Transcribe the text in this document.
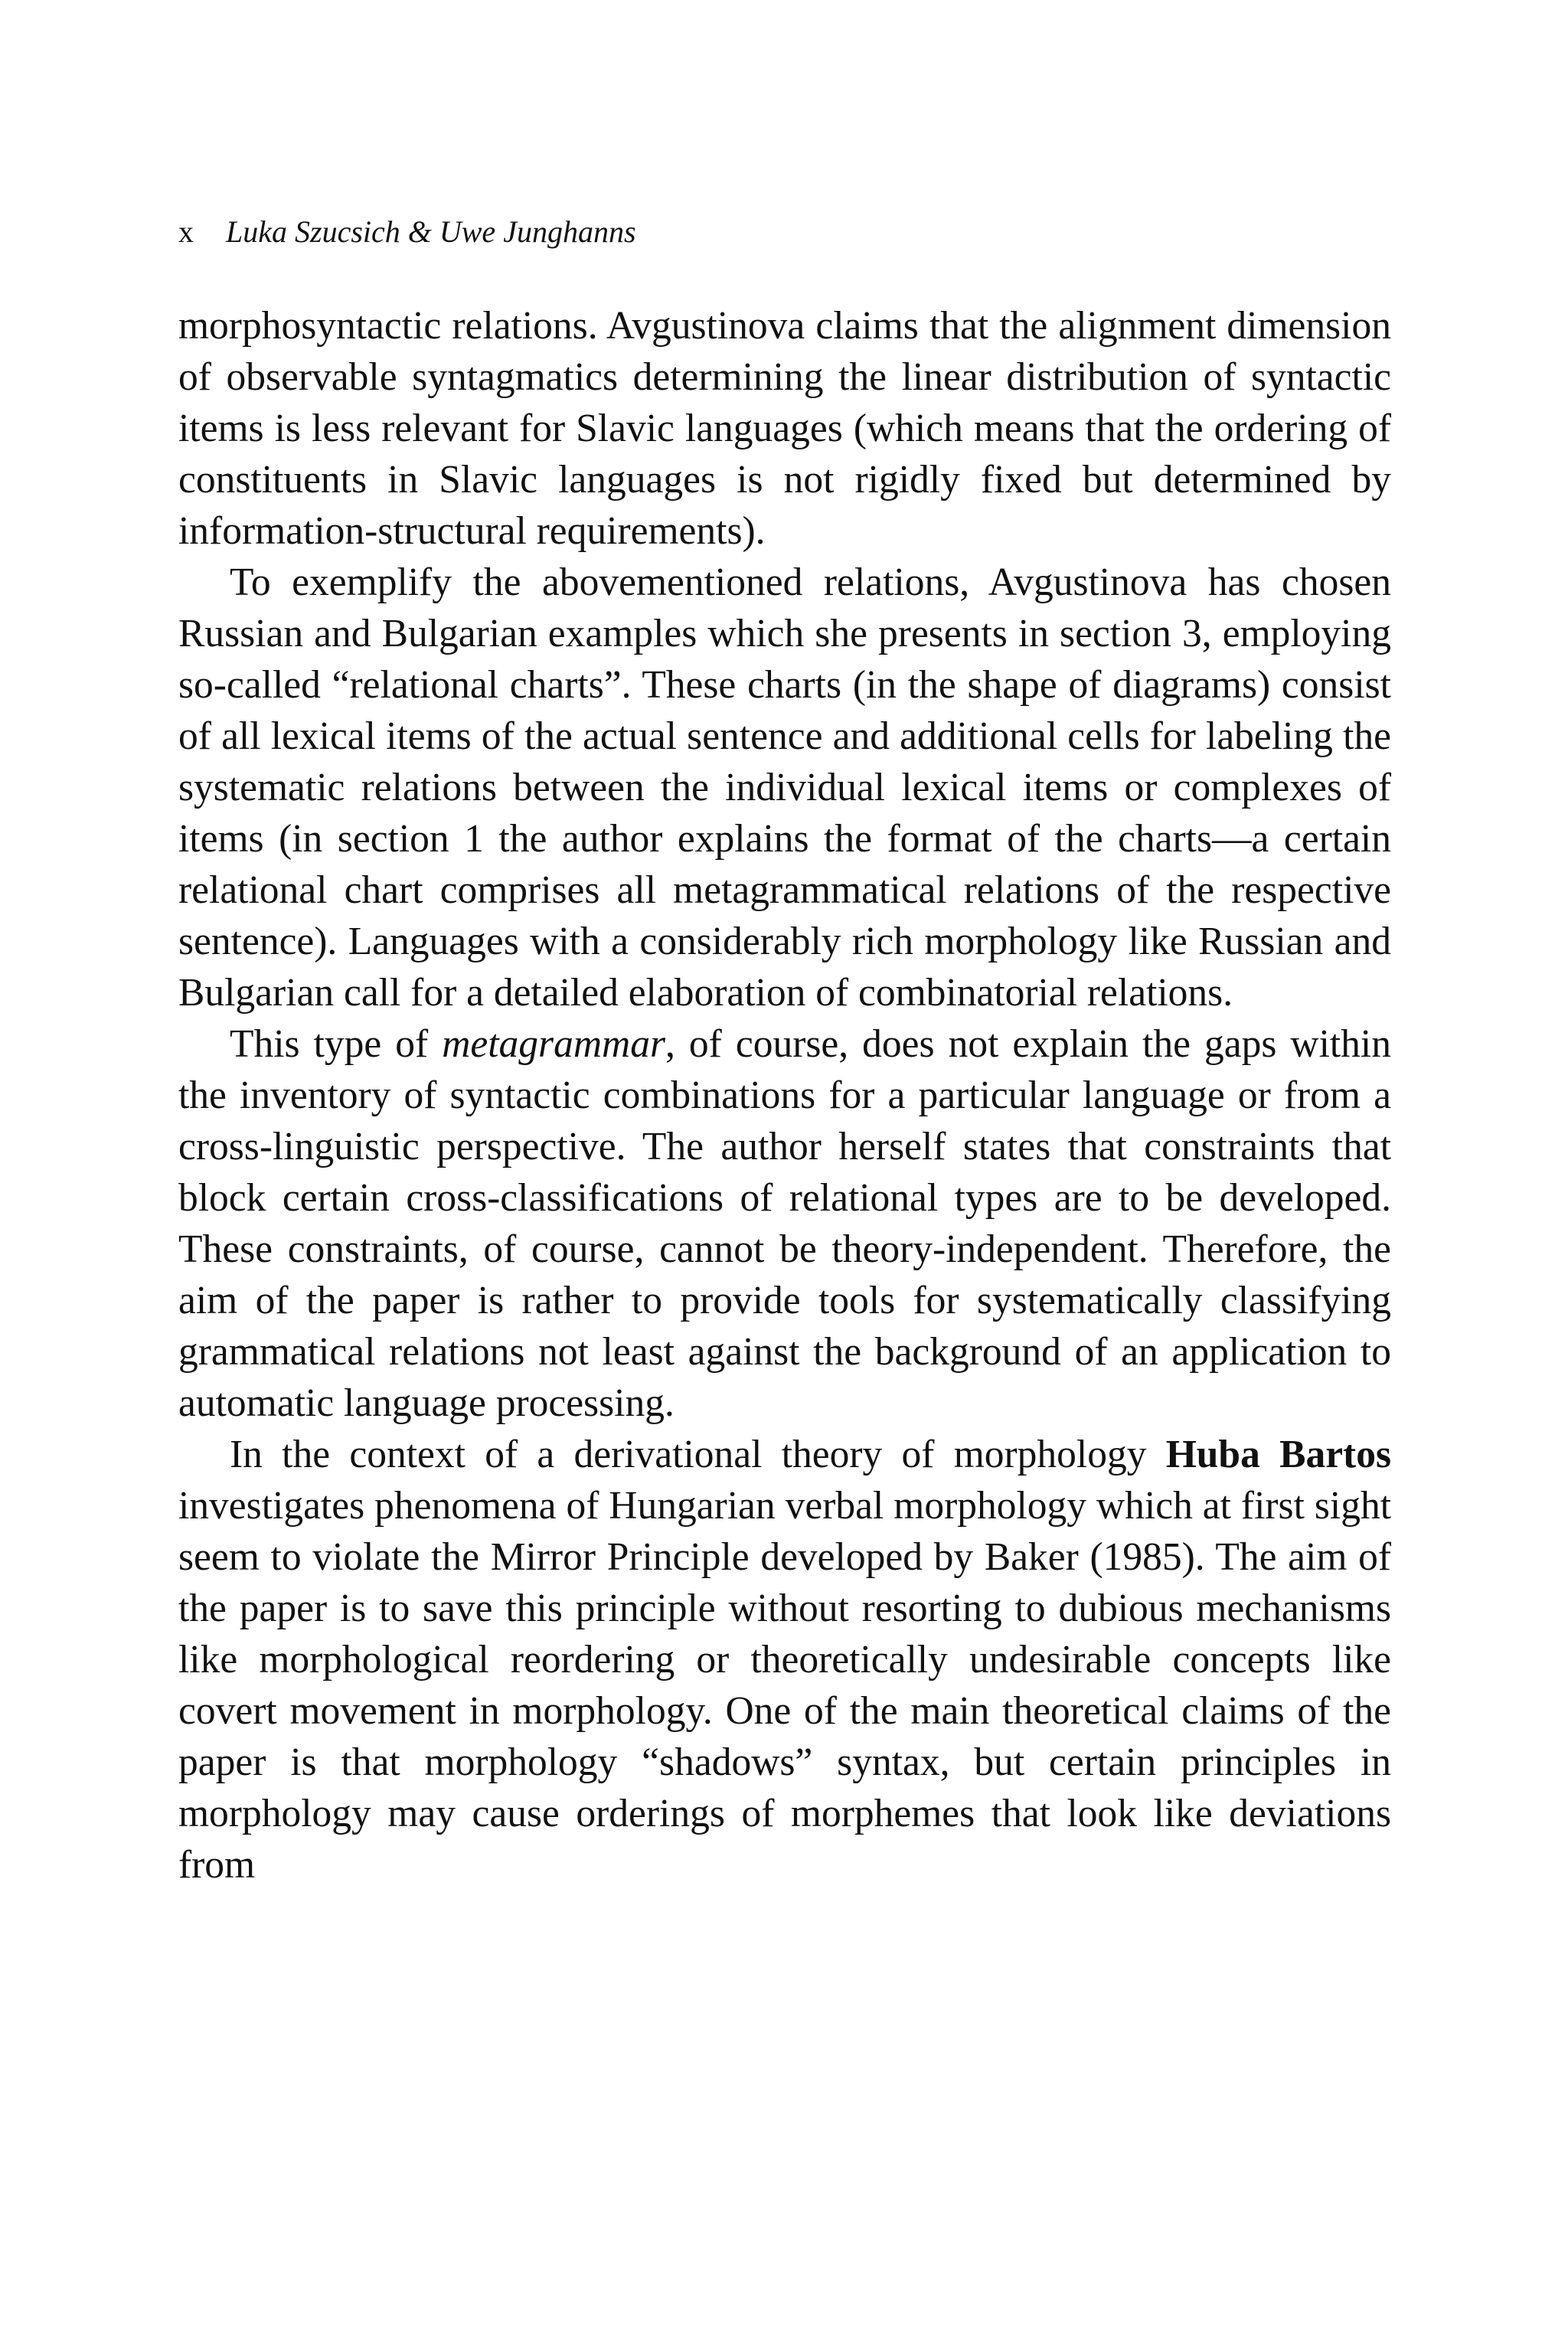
x Luka Szucsich & Uwe Junghanns

morphosyntactic relations. Avgustinova claims that the alignment dimension of observable syntagmatics determining the linear distribution of syntactic items is less relevant for Slavic languages (which means that the ordering of constituents in Slavic languages is not rigidly fixed but determined by information-structural requirements).

To exemplify the abovementioned relations, Avgustinova has chosen Russian and Bulgarian examples which she presents in section 3, employing so-called “relational charts”. These charts (in the shape of diagrams) consist of all lexical items of the actual sentence and additional cells for labeling the systematic relations between the individual lexical items or complexes of items (in section 1 the author explains the format of the charts—a certain relational chart comprises all metagrammatical relations of the respective sentence). Languages with a considerably rich morphology like Russian and Bulgarian call for a detailed elaboration of combinatorial relations.

This type of metagrammar, of course, does not explain the gaps within the inventory of syntactic combinations for a particular language or from a cross-linguistic perspective. The author herself states that constraints that block certain cross-classifications of relational types are to be developed. These constraints, of course, cannot be theory-independent. Therefore, the aim of the paper is rather to provide tools for systematically classifying grammatical relations not least against the background of an application to automatic language processing.

In the context of a derivational theory of morphology Huba Bartos investigates phenomena of Hungarian verbal morphology which at first sight seem to violate the Mirror Principle developed by Baker (1985). The aim of the paper is to save this principle without resorting to dubious mechanisms like morphological reordering or theoretically undesirable concepts like covert movement in morphology. One of the main theoretical claims of the paper is that morphology “shadows” syntax, but certain principles in morphology may cause orderings of morphemes that look like deviations from
